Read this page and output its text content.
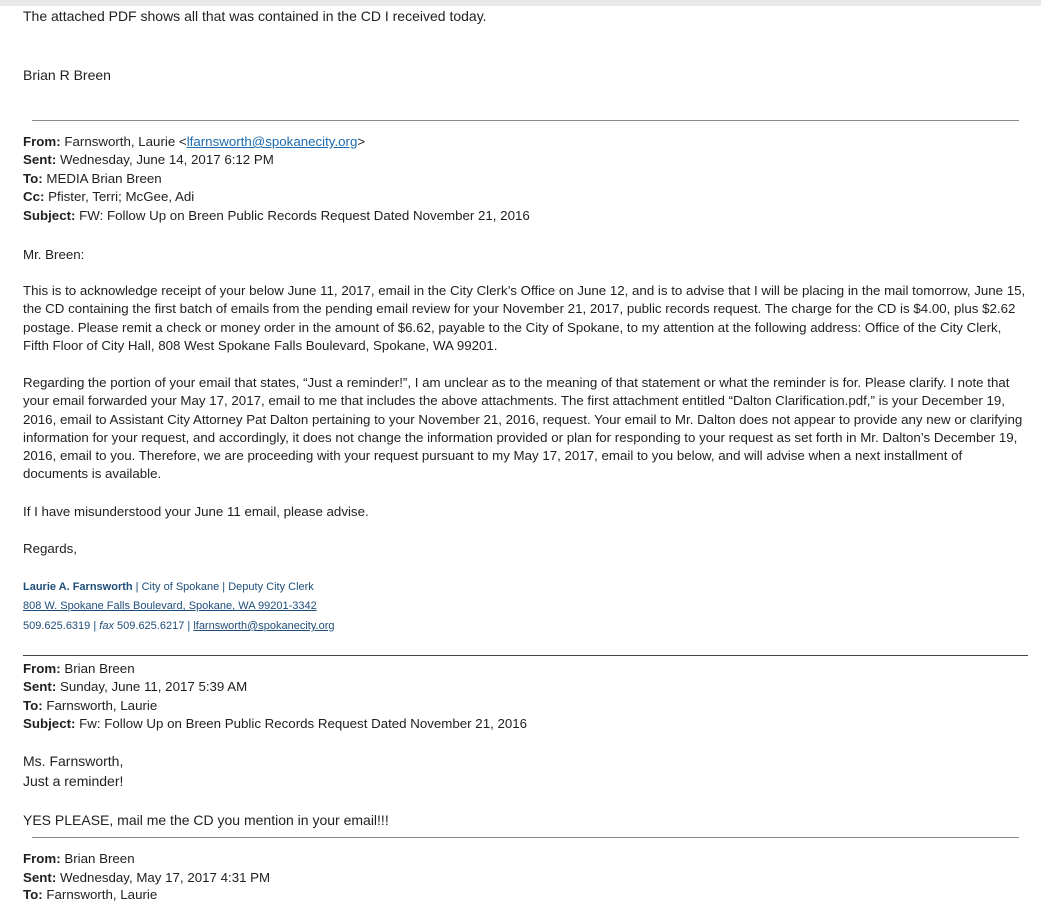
The attached PDF shows all that was contained in the CD I received today.
Brian R Breen
From: Farnsworth, Laurie <lfarnsworth@spokanecity.org>
Sent: Wednesday, June 14, 2017 6:12 PM
To: MEDIA Brian Breen
Cc: Pfister, Terri; McGee, Adi
Subject: FW: Follow Up on Breen Public Records Request Dated November 21, 2016
Mr. Breen:
This is to acknowledge receipt of your below June 11, 2017, email in the City Clerk’s Office on June 12, and is to advise that I will be placing in the mail tomorrow, June 15, the CD containing the first batch of emails from the pending email review for your November 21, 2017, public records request. The charge for the CD is $4.00, plus $2.62 postage. Please remit a check or money order in the amount of $6.62, payable to the City of Spokane, to my attention at the following address: Office of the City Clerk, Fifth Floor of City Hall, 808 West Spokane Falls Boulevard, Spokane, WA 99201.
Regarding the portion of your email that states, “Just a reminder!”, I am unclear as to the meaning of that statement or what the reminder is for. Please clarify. I note that your email forwarded your May 17, 2017, email to me that includes the above attachments. The first attachment entitled “Dalton Clarification.pdf,” is your December 19, 2016, email to Assistant City Attorney Pat Dalton pertaining to your November 21, 2016, request. Your email to Mr. Dalton does not appear to provide any new or clarifying information for your request, and accordingly, it does not change the information provided or plan for responding to your request as set forth in Mr. Dalton’s December 19, 2016, email to you. Therefore, we are proceeding with your request pursuant to my May 17, 2017, email to you below, and will advise when a next installment of documents is available.
If I have misunderstood your June 11 email, please advise.
Regards,
Laurie A. Farnsworth | City of Spokane | Deputy City Clerk
808 W. Spokane Falls Boulevard, Spokane, WA 99201-3342
509.625.6319 | fax 509.625.6217 | lfarnsworth@spokanecity.org
From: Brian Breen
Sent: Sunday, June 11, 2017 5:39 AM
To: Farnsworth, Laurie
Subject: Fw: Follow Up on Breen Public Records Request Dated November 21, 2016
Ms. Farnsworth,
Just a reminder!
YES PLEASE, mail me the CD you mention in your email!!!
From: Brian Breen
Sent: Wednesday, May 17, 2017 4:31 PM
To: Farnsworth, Laurie
